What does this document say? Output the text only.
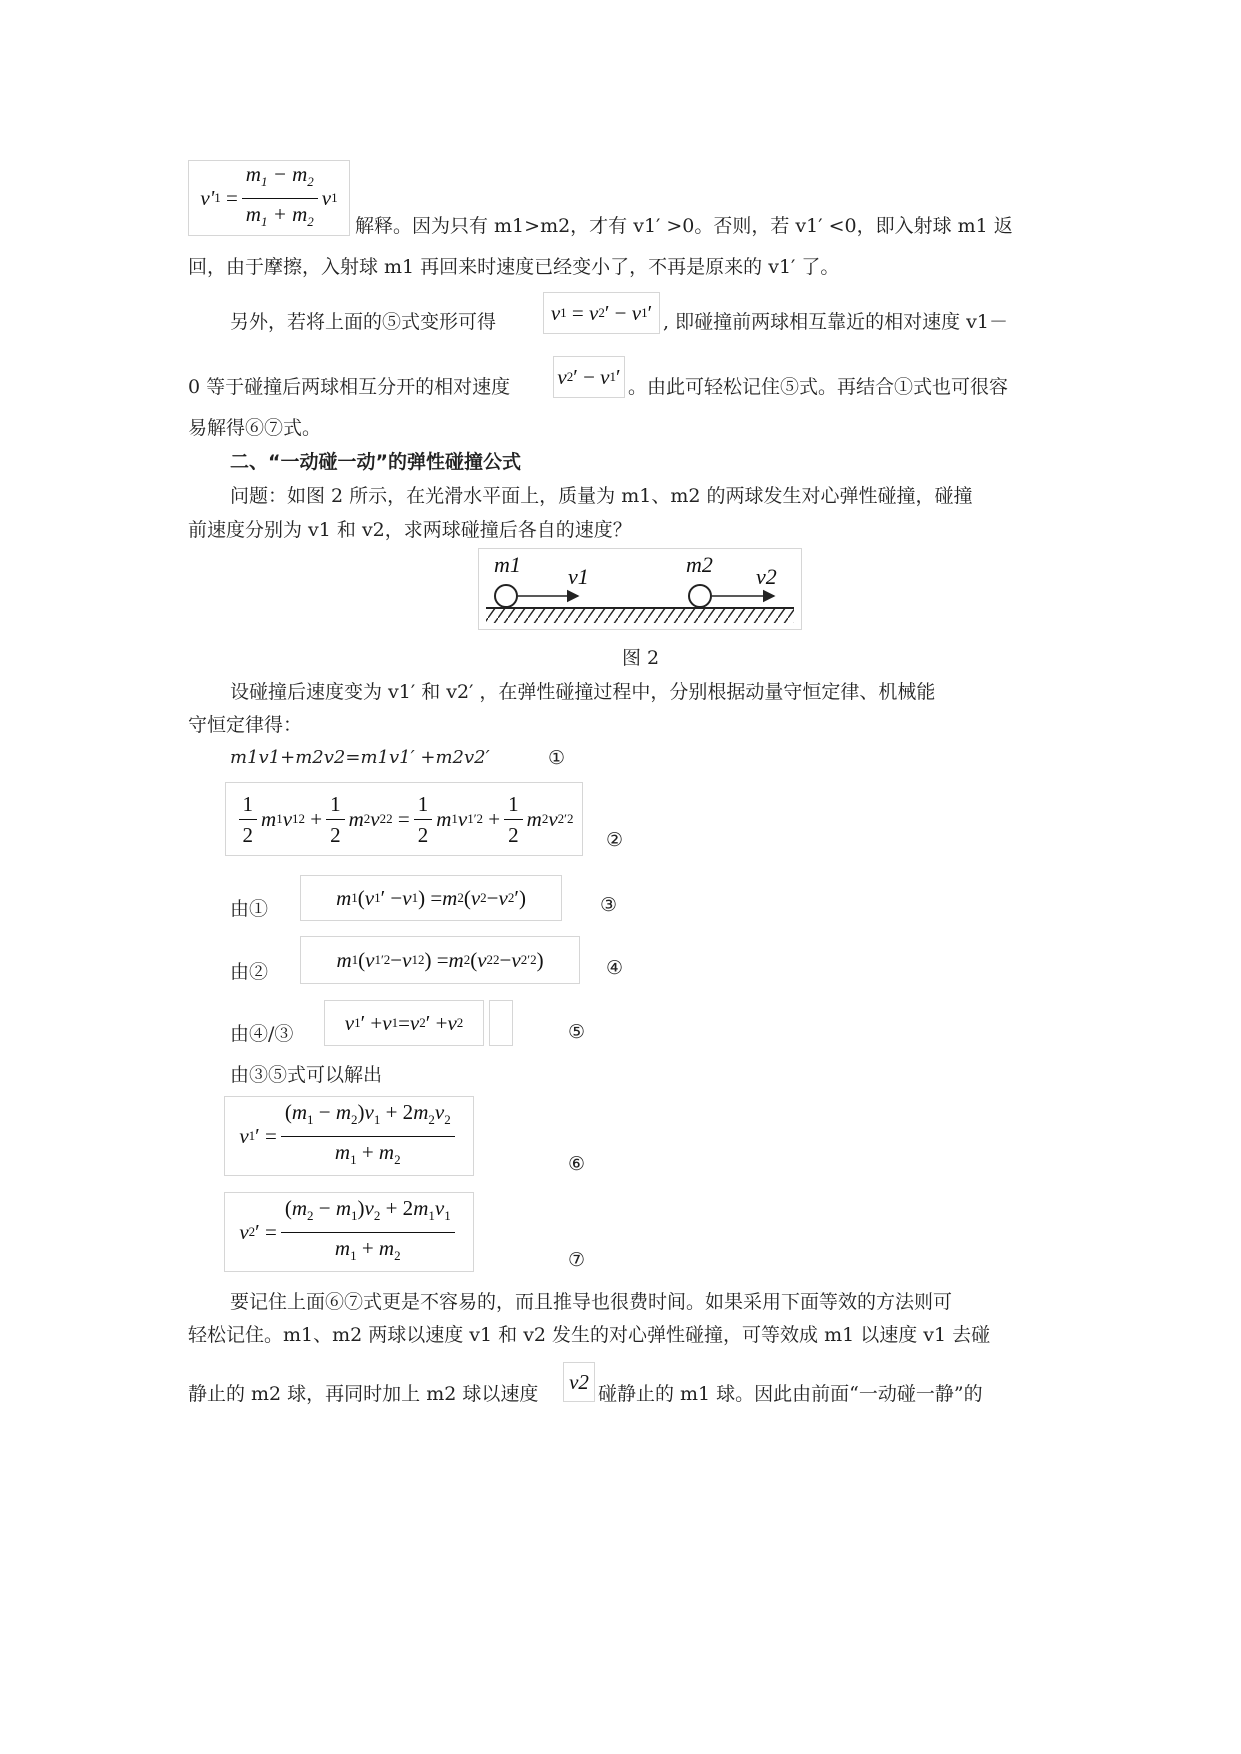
v' $1 = \frac{m_1 - m_2}{m_1 + m_2}$ v 1
解释。因为只有 m1>m2，才有 v1′ >0。否则，若 v1′ <0，即入射球 m1 返
回，由于摩擦，入射球 m1 再回来时速度已经变小了，不再是原来的 v1′ 了。
另外，若将上面的⑤式变形可得	v 1 = v 2 ′ − v 1 ′ , 即碰撞前两球相互靠近的相对速度 v1－
0 等于碰撞后两球相互分开的相对速度 v 2 ′ − v 1 ′ 。由此可轻松记住⑤式。再结合①式也可很容
易解得⑥⑦式。
二、“一动碰一动”的弹性碰撞公式
问题：如图 2 所示，在光滑水平面上，质量为 m1、m2 的两球发生对心弹性碰撞，碰撞
前速度分别为 v1 和 v2，求两球碰撞后各自的速度？
m1 v1	m2 v2
图 2
设碰撞后速度变为 v1′ 和 v2′ ，在弹性碰撞过程中，分别根据动量守恒定律、机械能
守恒定律得：
m1v1+m2v2=m1v1′ +m2v2′	①
$\frac{1}{2}$ m 1 v 1 $2 + \frac{1}{2}$ m 2 v 2 $2 = \frac{1}{2}$ m 1 v 1 $'2 + \frac{1}{2}$ m 2 v 2 ′2
②
由①	m 1 ( v 1 ′ − v 1 ) = m 2 ( v 2 − v 2 ′)	③
由②
m 1 ( v 1 ′2 − v 1 2 ) = m 2 ( v 2 2 − v 2 ′2 )	④
由④/③ v 1 ′ + v 1 = v 2 ′ + v 2	⑤
由③⑤式可以解出
v 1 ′ = $\frac{(m_1 - m_2)v_1 + 2m_2v_2}{m_1 + m_2}$	⑥
v 2 ′ = $\frac{(m_2 - m_1)v_2 + 2m_1v_1}{m_1 + m_2}$	⑦
要记住上面⑥⑦式更是不容易的，而且推导也很费时间。如果采用下面等效的方法则可
轻松记住。m1、m2 两球以速度 v1 和 v2 发生的对心弹性碰撞，可等效成 m1 以速度 v1 去碰
静止的 m2 球，再同时加上 m2 球以速度
v2
碰静止的 m1 球。因此由前面“一动碰一静”的
